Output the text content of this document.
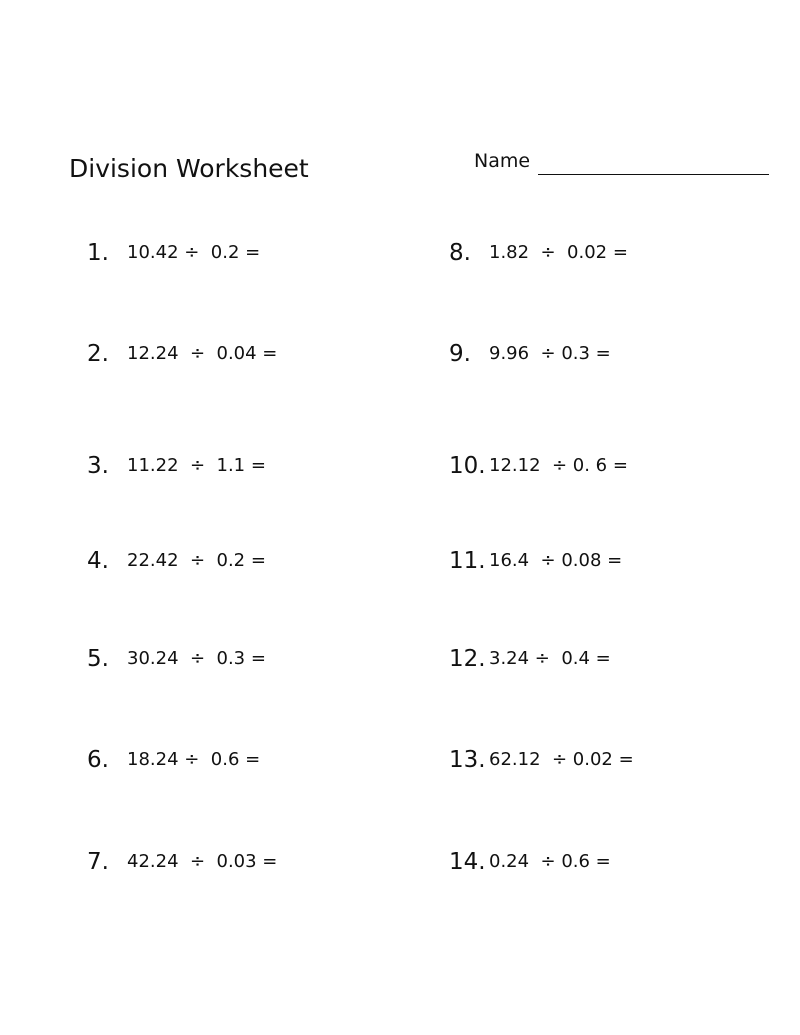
Division Worksheet	Name
1. 10.42 ÷  0.2 =
2. 12.24  ÷  0.04 =
3. 11.22  ÷  1.1 =
4. 22.42  ÷  0.2 =
5. 30.24  ÷  0.3 =
6. 18.24 ÷  0.6 =
7. 42.24  ÷  0.03 =
8. 1.82  ÷  0.02 =
9. 9.96  ÷ 0.3 =
10. 12.12  ÷ 0. 6 =
11. 16.4  ÷ 0.08 =
12. 3.24 ÷  0.4 =
13. 62.12  ÷ 0.02 =
14. 0.24  ÷ 0.6 =
